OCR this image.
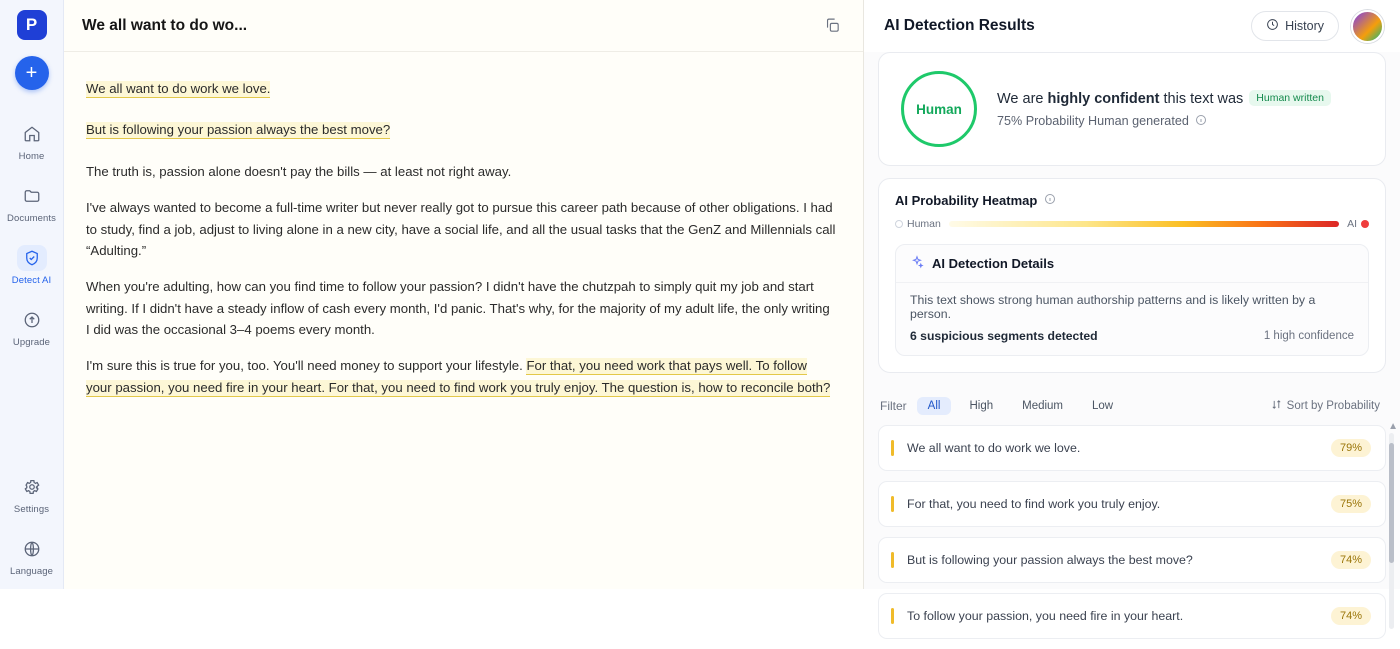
P
+
Home
Documents
Detect AI
Upgrade
Settings
Language
We all want to do wo...

We all want to do work we love.

But is following your passion always the best move?

The truth is, passion alone doesn't pay the bills — at least not right away.

I've always wanted to become a full-time writer but never really got to pursue this career path because of other obligations. I had to study, find a job, adjust to living alone in a new city, have a social life, and all the usual tasks that the GenZ and Millennials call “Adulting.”

When you're adulting, how can you find time to follow your passion? I didn't have the chutzpah to simply quit my job and start writing. If I didn't have a steady inflow of cash every month, I'd panic. That's why, for the majority of my adult life, the only writing I did was the occasional 3–4 poems every month.

I'm sure this is true for you, too. You'll need money to support your lifestyle. For that, you need work that pays well. To follow your passion, you need fire in your heart. For that, you need to find work you truly enjoy. The question is, how to reconcile both?

AI Detection Results	History
Human
We are highly confident this text was Human written
75% Probability Human generated
AI Probability Heatmap
Human	AI
AI Detection Details
This text shows strong human authorship patterns and is likely written by a person.
6 suspicious segments detected	1 high confidence
Filter	All	High	Medium	Low	Sort by Probability
We all want to do work we love.	79%
For that, you need to find work you truly enjoy.	75%
But is following your passion always the best move?	74%
To follow your passion, you need fire in your heart.	74%
▲
